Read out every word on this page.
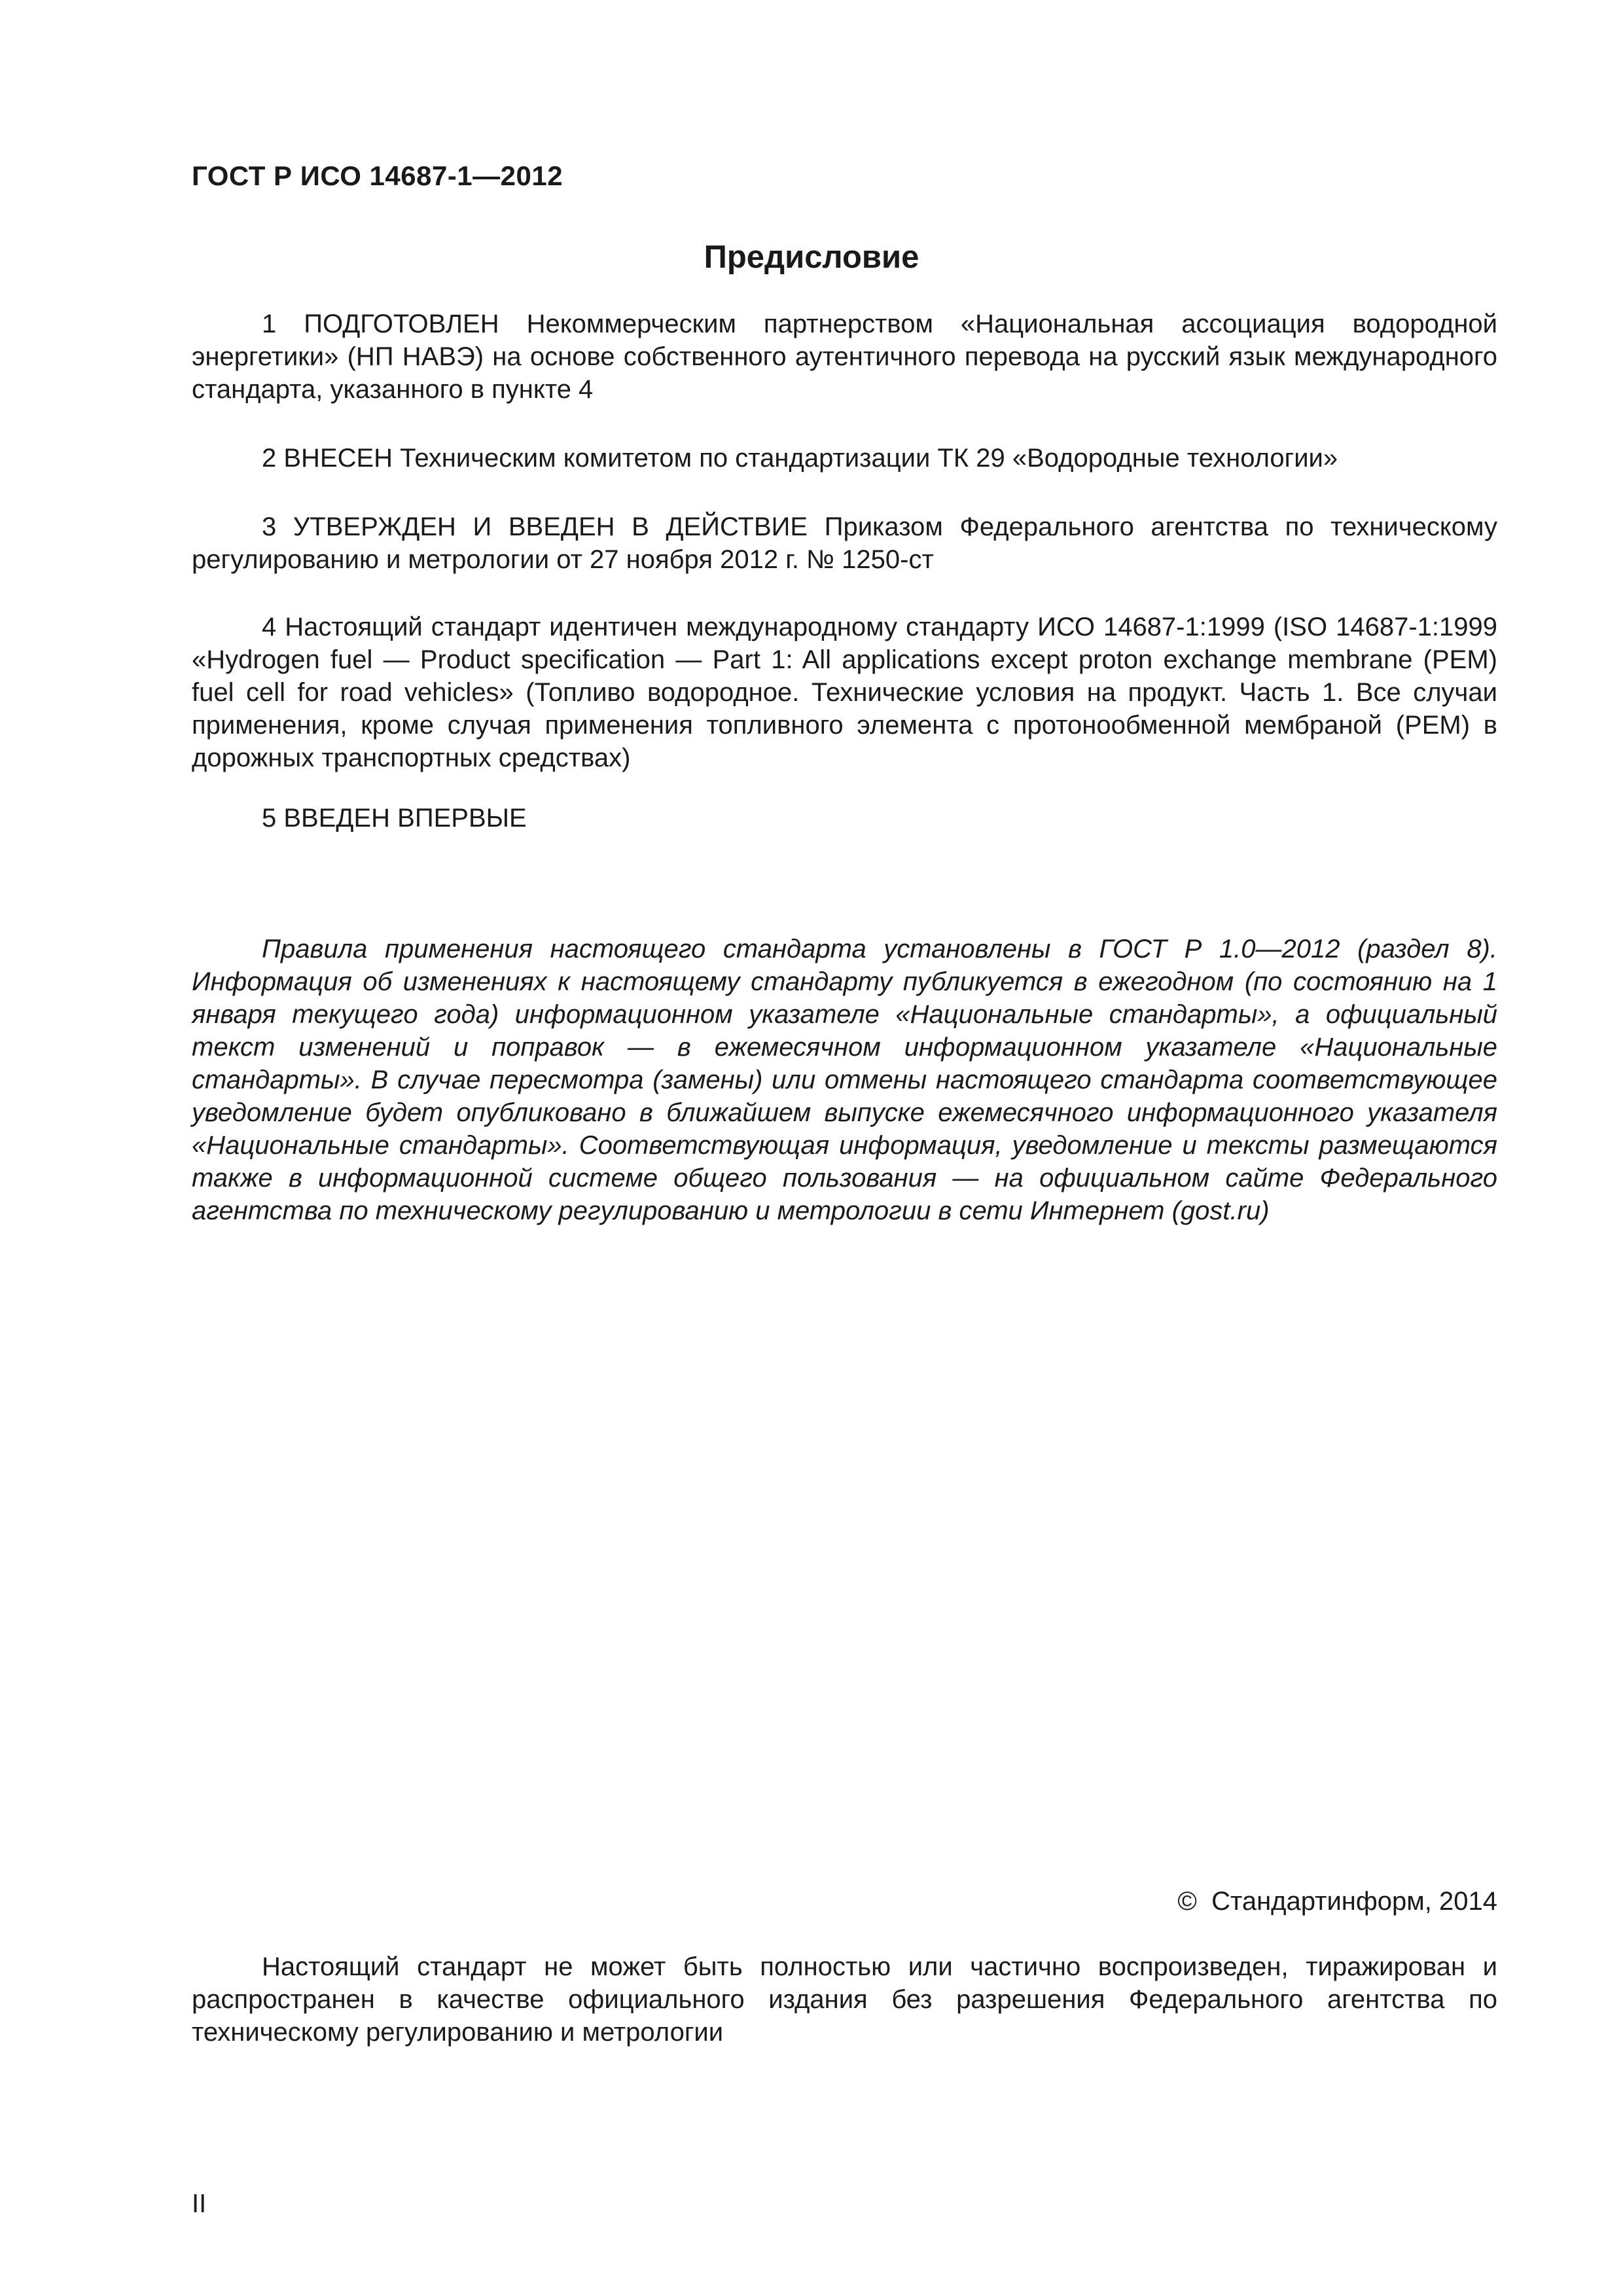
ГОСТ Р ИСО 14687-1—2012
Предисловие

1 ПОДГОТОВЛЕН Некоммерческим партнерством «Национальная ассоциация водородной энергетики» (НП НАВЭ) на основе собственного аутентичного перевода на русский язык международного стандарта, указанного в пункте 4

2 ВНЕСЕН Техническим комитетом по стандартизации ТК 29 «Водородные технологии»

3 УТВЕРЖДЕН И ВВЕДЕН В ДЕЙСТВИЕ Приказом Федерального агентства по техническому регулированию и метрологии от 27 ноября 2012 г. № 1250-ст

4 Настоящий стандарт идентичен международному стандарту ИСО 14687-1:1999 (ISO 14687-1:1999 «Hydrogen fuel — Product specification — Part 1: All applications except proton exchange membrane (PEM) fuel cell for road vehicles» (Топливо водородное. Технические условия на продукт. Часть 1. Все случаи применения, кроме случая применения топливного элемента с протонообменной мембраной (PEM) в дорожных транспортных средствах)

5 ВВЕДЕН ВПЕРВЫЕ

Правила применения настоящего стандарта установлены в ГОСТ Р 1.0—2012 (раздел 8). Информация об изменениях к настоящему стандарту публикуется в ежегодном (по состоянию на 1 января текущего года) информационном указателе «Национальные стандарты», а официальный текст изменений и поправок — в ежемесячном информационном указателе «Национальные стандарты». В случае пересмотра (замены) или отмены настоящего стандарта соответствующее уведомление будет опубликовано в ближайшем выпуске ежемесячного информационного указателя «Национальные стандарты». Соответствующая информация, уведомление и тексты размещаются также в информационной системе общего пользования — на официальном сайте Федерального агентства по техническому регулированию и метрологии в сети Интернет (gost.ru)

©  Стандартинформ, 2014

Настоящий стандарт не может быть полностью или частично воспроизведен, тиражирован и распространен в качестве официального издания без разрешения Федерального агентства по техническому регулированию и метрологии

II
